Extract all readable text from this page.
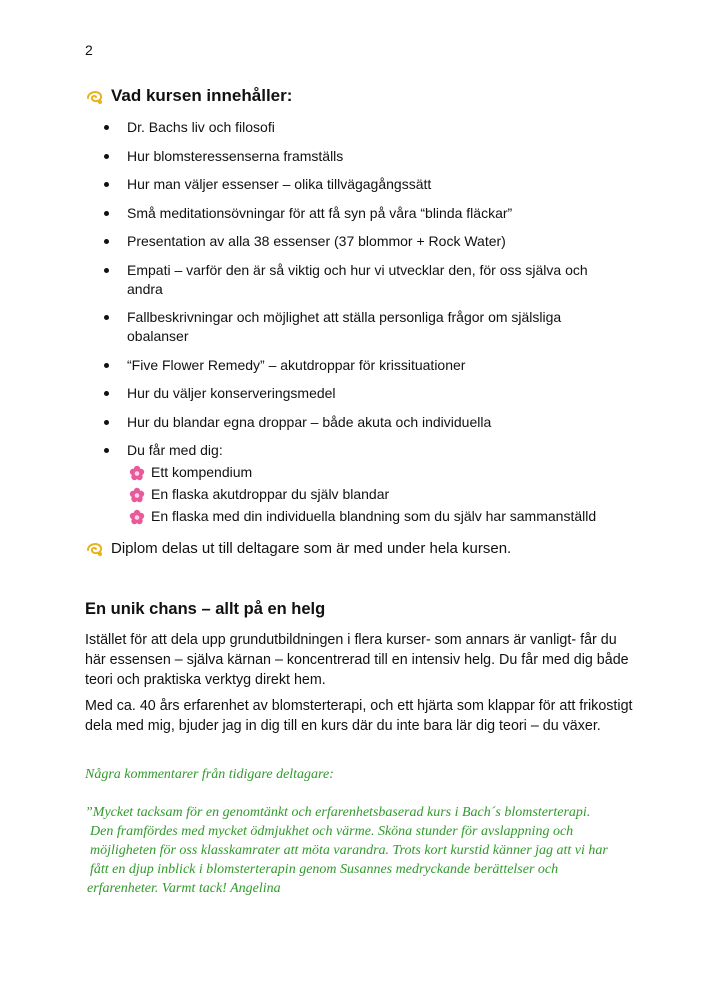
2
Vad kursen innehåller:
Dr. Bachs liv och filosofi
Hur blomsteressenserna framställs
Hur man väljer essenser – olika tillvägagångssätt
Små meditationsövningar för att få syn på våra “blinda fläckar”
Presentation av alla 38 essenser (37 blommor + Rock Water)
Empati – varför den är så viktig och hur vi utvecklar den, för oss själva och andra
Fallbeskrivningar och möjlighet att ställa personliga frågor om själsliga obalanser
“Five Flower Remedy” – akutdroppar för krissituationer
Hur du väljer konserveringsmedel
Hur du blandar egna droppar – både akuta och individuella
Du får med dig:
Ett kompendium
En flaska akutdroppar du själv blandar
En flaska med din individuella blandning som du själv har sammanställd
Diplom delas ut till deltagare som är med under hela kursen.
En unik chans – allt på en helg
Istället för att dela upp grundutbildningen i flera kurser- som annars är vanligt- får du här essensen – själva kärnan – koncentrerad till en intensiv helg. Du får med dig både teori och praktiska verktyg direkt hem.
Med ca. 40 års erfarenhet av blomsterterapi, och ett hjärta som klappar för att frikostigt dela med mig, bjuder jag in dig till en kurs där du inte bara lär dig teori – du växer.
Några kommentarer från tidigare deltagare:
”Mycket tacksam för en genomtänkt och erfarenhetsbaserad kurs i Bach´s blomsterterapi.
Den framfördes med mycket ödmjukhet och värme. Sköna stunder för avslappning och
möjligheten för oss klasskamrater att möta varandra. Trots kort kurstid känner jag att vi har
fått en djup inblick i blomsterterapin genom Susannes medryckande berättelser och
erfarenheter. Varmt tack! Angelina
